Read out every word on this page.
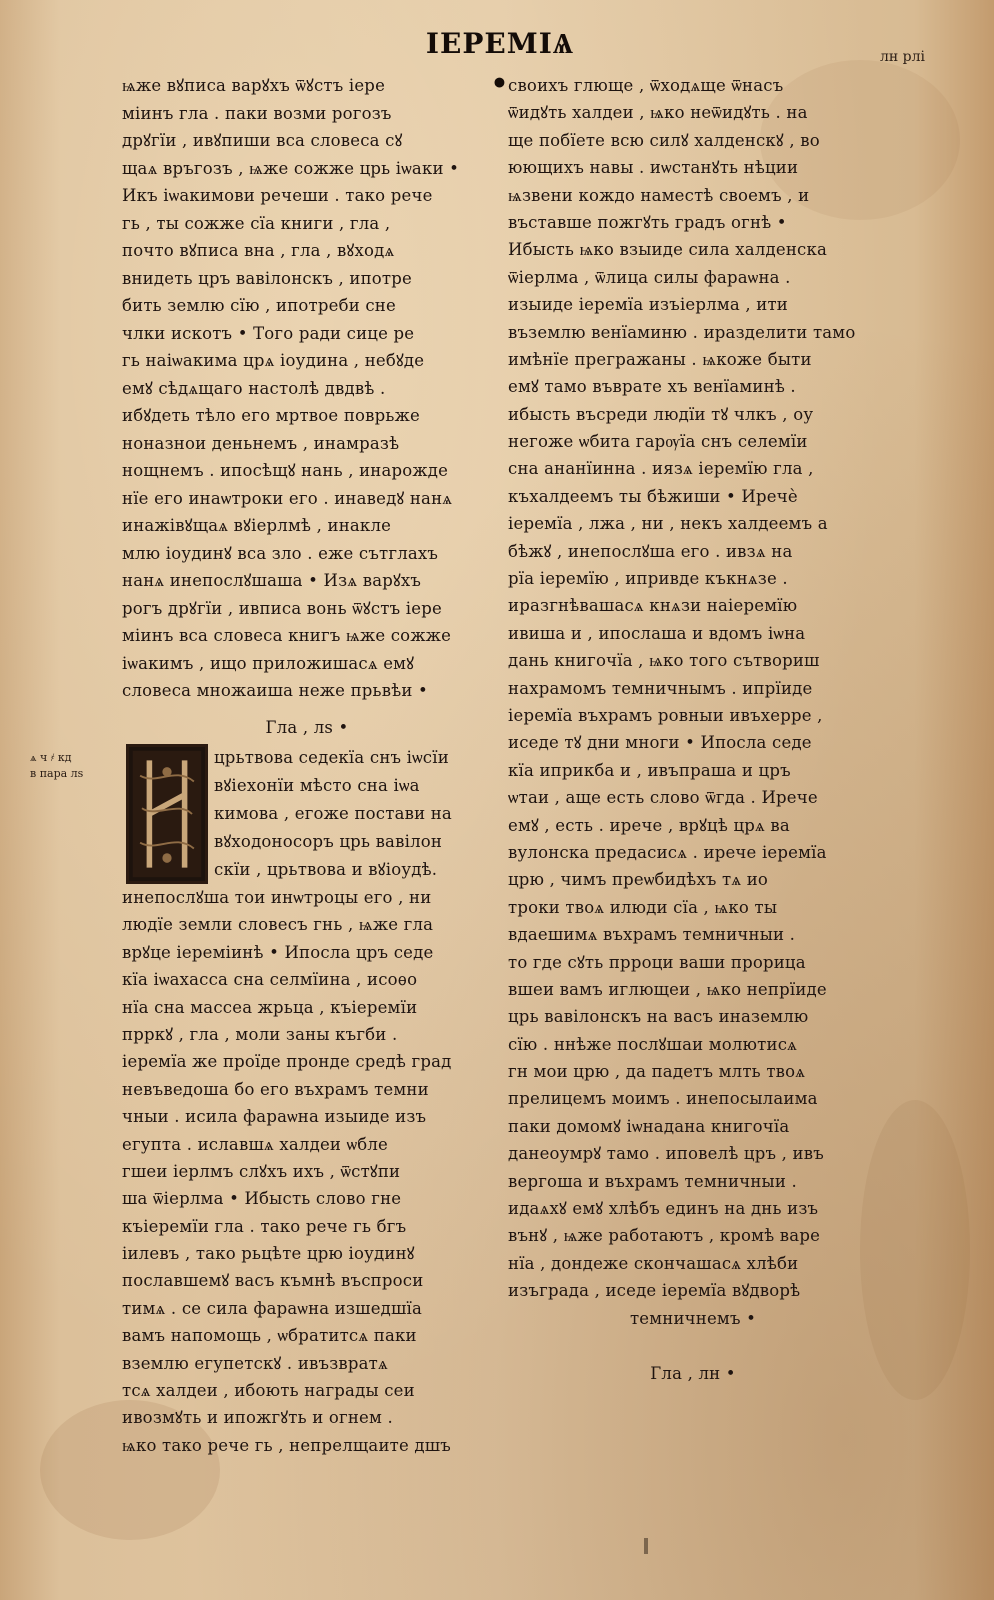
ІЕРЕМІѦ •
лн рлі
ѩже вꙋписа варꙋхъ ѿꙋстъ іере
міинъ гла . паки возми рогозъ
дрꙋгїи , ивꙋпиши вса словеса сꙋ
щаѧ връгозъ , ѩже сожже црь іѡаки •
Икъ іѡакимови речеши . тако рече
гь , ты сожже сїа книги , гла ,
почто вꙋписа вна , гла , вꙋходѧ
внидеть цръ вавілонскъ , ипотре
бить землю сїю , ипотреби сне
члки искотъ • Того ради сице ре
гь наіѡакима црѧ іоудина , небꙋде
емꙋ сѣдѧщаго настолѣ двдвѣ .
ибꙋдеть тѣло его мртвое поврьже
ноназнои деньнемъ , инамразѣ
нощнемъ . ипосѣщꙋ нань , инарожде
нїе его инаѡтроки его . инаведꙋ нанѧ
инажівꙋщаѧ вꙋіерлмѣ , инакле
млю іоудинꙋ вса зло . еже сътглахъ
нанѧ инепослꙋшаша • Изѧ варꙋхъ
рогъ дрꙋгїи , ивписа вонь ѿꙋстъ іере
міинъ вса словеса книгъ ѩже сожже
іѡакимъ , ищо приложишасѧ емꙋ
словеса множаиша неже прьвѣи •
Гла , лѕ •
ѧ ч ҂ кд
в пара лѕ
црьтвова седекїа снъ іѡсїи
вꙋіехонїи мѣсто сна іѡа
кимова , егоже постави на
вꙋходоносоръ црь вавілон
скїи , црьтвова и вꙋіоудѣ.
инепослꙋша тои инѡтроцы его , ни
людїе земли словесъ гнь , ѩже гла
врꙋце іереміинѣ • Ипосла цръ седе
кїа іѡахасса сна селмїина , исоѳо
нїа сна массеа жрьца , къіеремїи
прркꙋ , гла , моли заны къгби .
іеремїа же проїде пронде средѣ град
невъведоша бо его въхрамъ темни
чныи . исила фараѡна изыиде изъ
егупта . иславшѧ халдеи ѡбле
гшеи іерлмъ слꙋхъ ихъ , ѿстꙋпи
ша ѿіерлма • Ибысть слово гне
къіеремїи гла . тако рече гь бгъ
іилевъ , тако рьцѣте црю іоудинꙋ
пославшемꙋ васъ къмнѣ въспроси
тимѧ . се сила фараѡна изшедшїа
вамъ напомощь , ѡбратитсѧ паки
вземлю егупетскꙋ . ивъзвратѧ
тсѧ халдеи , ибоють награды сеи
ивозмꙋть и ипожгꙋть и огнем .
ѩко тако рече гь , непрелщаите дшъ
своихъ глюще , ѿходѧще ѿнасъ
ѿидꙋть халдеи , ѩко неѿидꙋть . на
ще побїете всю силꙋ халденскꙋ , во
юющихъ навы . иѡстанꙋть нѣции
ѩзвени кождо наместѣ своемъ , и
въставше пожгꙋть градъ огнѣ •
Ибысть ѩко взыиде сила халденска
ѿіерлма , ѿлица силы фараѡна .
изыиде іеремїа изъіерлма , ити
въземлю венїаминю . иразделити тамо
имѣнїе прегражаны . ѩкоже быти
емꙋ тамо въврате хъ венїаминѣ .
ибысть въсреди людїи тꙋ члкъ , оу
негоже ѡбита гарѹїа снъ селемїи
сна ананїинна . иязѧ іеремїю гла ,
къхалдеемъ ты бѣжиши • Иречѐ
іеремїа , лжа , ни , некъ халдеемъ а
бѣжꙋ , инепослꙋша его . ивзѧ на
рїа іеремїю , ипривде къкнѧзе .
иразгнѣвашасѧ кнѧзи наіеремїю
ивиша и , ипослаша и вдомъ іѡна
дань книгочїа , ѩко того сътвориш
нахрамомъ темничнымъ . ипрїиде
іеремїа въхрамъ ровныи ивъхерре ,
иседе тꙋ дни многи • Ипосла седе
кїа иприкба и , ивъпраша и цръ
ѡтаи , аще есть слово ѿгда . Ирече
емꙋ , есть . ирече , врꙋцѣ црѧ ва
вулонска предасисѧ . ирече іеремїа
црю , чимъ преѡбидѣхъ тѧ ио
троки твоѧ илюди сїа , ѩко ты
вдаешимѧ въхрамъ темничныи .
то где сꙋть прроци ваши прорица
вшеи вамъ иглющеи , ѩко непрїиде
црь вавілонскъ на васъ иназемлю
сїю . ннѣже послꙋшаи молютисѧ
гн мои црю , да падетъ млть твоѧ
прелицемъ моимъ . инепосылаима
паки домомꙋ іѡнадана книгочїа
данеоумрꙋ тамо . иповелѣ цръ , ивъ
вергоша и въхрамъ темничныи .
идаѧхꙋ емꙋ хлѣбъ единъ на днь изъ
вънꙋ , ѩже работаютъ , кромѣ варе
нїа , дондеже скончашасѧ хлѣби
изъграда , иседе іеремїа вꙋдворѣ
темничнемъ •
Гла , лн •
